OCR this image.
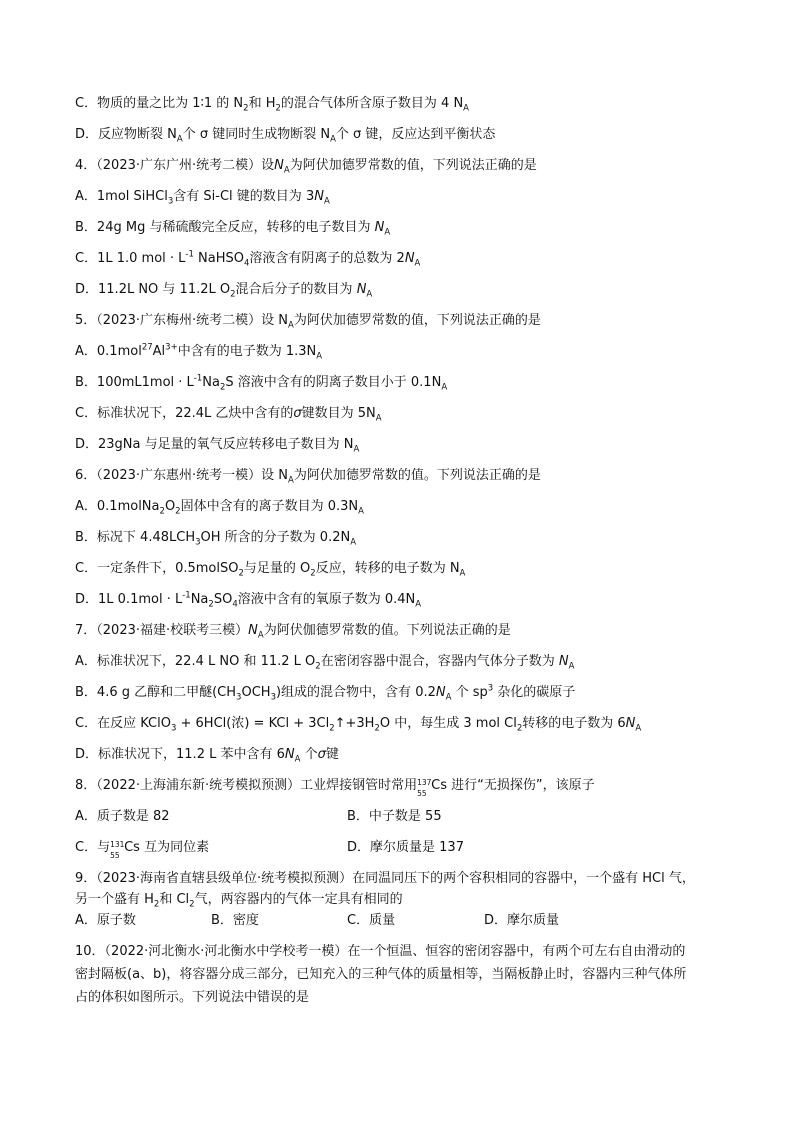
C．物质的量之比为 1∶1 的 $N_2$和 $H_2$的混合气体所含原子数目为 4 $N_A$
D．反应物断裂 $N_A$个 σ 键同时生成物断裂 $N_A$个 σ 键，反应达到平衡状态
4．（2023·广东广州·统考二模）设$N_A$为阿伏加德罗常数的值，下列说法正确的是
A．1mol SiHCl$_3$含有 Si-Cl 键的数目为 $3N_A$
B．24g Mg 与稀硫酸完全反应，转移的电子数目为 $N_A$
C．1L 1.0 mol · $L^{-1}$ NaHSO$_4$溶液含有阴离子的总数为 $2N_A$
D．11.2L NO 与 11.2L $O_2$混合后分子的数目为 $N_A$
5．（2023·广东梅州·统考二模）设 $N_A$为阿伏加德罗常数的值，下列说法正确的是
A．$0.1mol^{27}Al^{3+}$中含有的电子数为 $1.3N_A$
B．$100mL1mol \cdot L^{-1}Na_2S$ 溶液中含有的阴离子数目小于 $0.1N_A$
C．标准状况下，22.4L 乙炔中含有的σ键数目为 $5N_A$
D．23gNa 与足量的氧气反应转移电子数目为 $N_A$
6．（2023·广东惠州·统考一模）设 $N_A$为阿伏加德罗常数的值。下列说法正确的是
A．$0.1molNa_2O_2$固体中含有的离子数目为 $0.3N_A$
B．标况下 $4.48LCH_3OH$ 所含的分子数为 $0.2N_A$
C．一定条件下，0.5molSO$_2$与足量的 $O_2$反应，转移的电子数为 $N_A$
D．1L $0.1mol \cdot L^{-1}Na_2SO_4$溶液中含有的氧原子数为 $0.4N_A$
7．（2023·福建·校联考三模）$N_A$为阿伏伽德罗常数的值。下列说法正确的是
A．标准状况下，22.4 L NO 和 11.2 L $O_2$在密闭容器中混合，容器内气体分子数为 $N_A$
B．4.6 g 乙醇和二甲醚$(CH_3OCH_3)$组成的混合物中，含有 $0.2N_A$ 个 $sp^3$ 杂化的碳原子
C．在反应 KClO$_3$ + 6HCl(浓) = KCl + $3Cl_2↑+3H_2O$ 中，每生成 3 mol $Cl_2$转移的电子数为 $6N_A$
D．标准状况下，11.2 L 苯中含有 $6N_A$ 个σ键
8．（2022·上海浦东新·统考模拟预测）工业焊接钢管时常用 137
55
Cs 进行“无损探伤”，该原子
A．质子数是 82	B．中子数是 55
C．与 131
55
Cs 互为同位素	D．摩尔质量是 137
9．（2023·海南省直辖县级单位·统考模拟预测）在同温同压下的两个容积相同的容器中，一个盛有 HCl 气，
另一个盛有 $H_2$和 $Cl_2$气，两容器内的气体一定具有相同的
A．原子数	B．密度	C．质量	D．摩尔质量
10．（2022·河北衡水·河北衡水中学校考一模）在一个恒温、恒容的密闭容器中，有两个可左右自由滑动的
密封隔板(a、b)，将容器分成三部分，已知充入的三种气体的质量相等，当隔板静止时，容器内三种气体所
占的体积如图所示。下列说法中错误的是
